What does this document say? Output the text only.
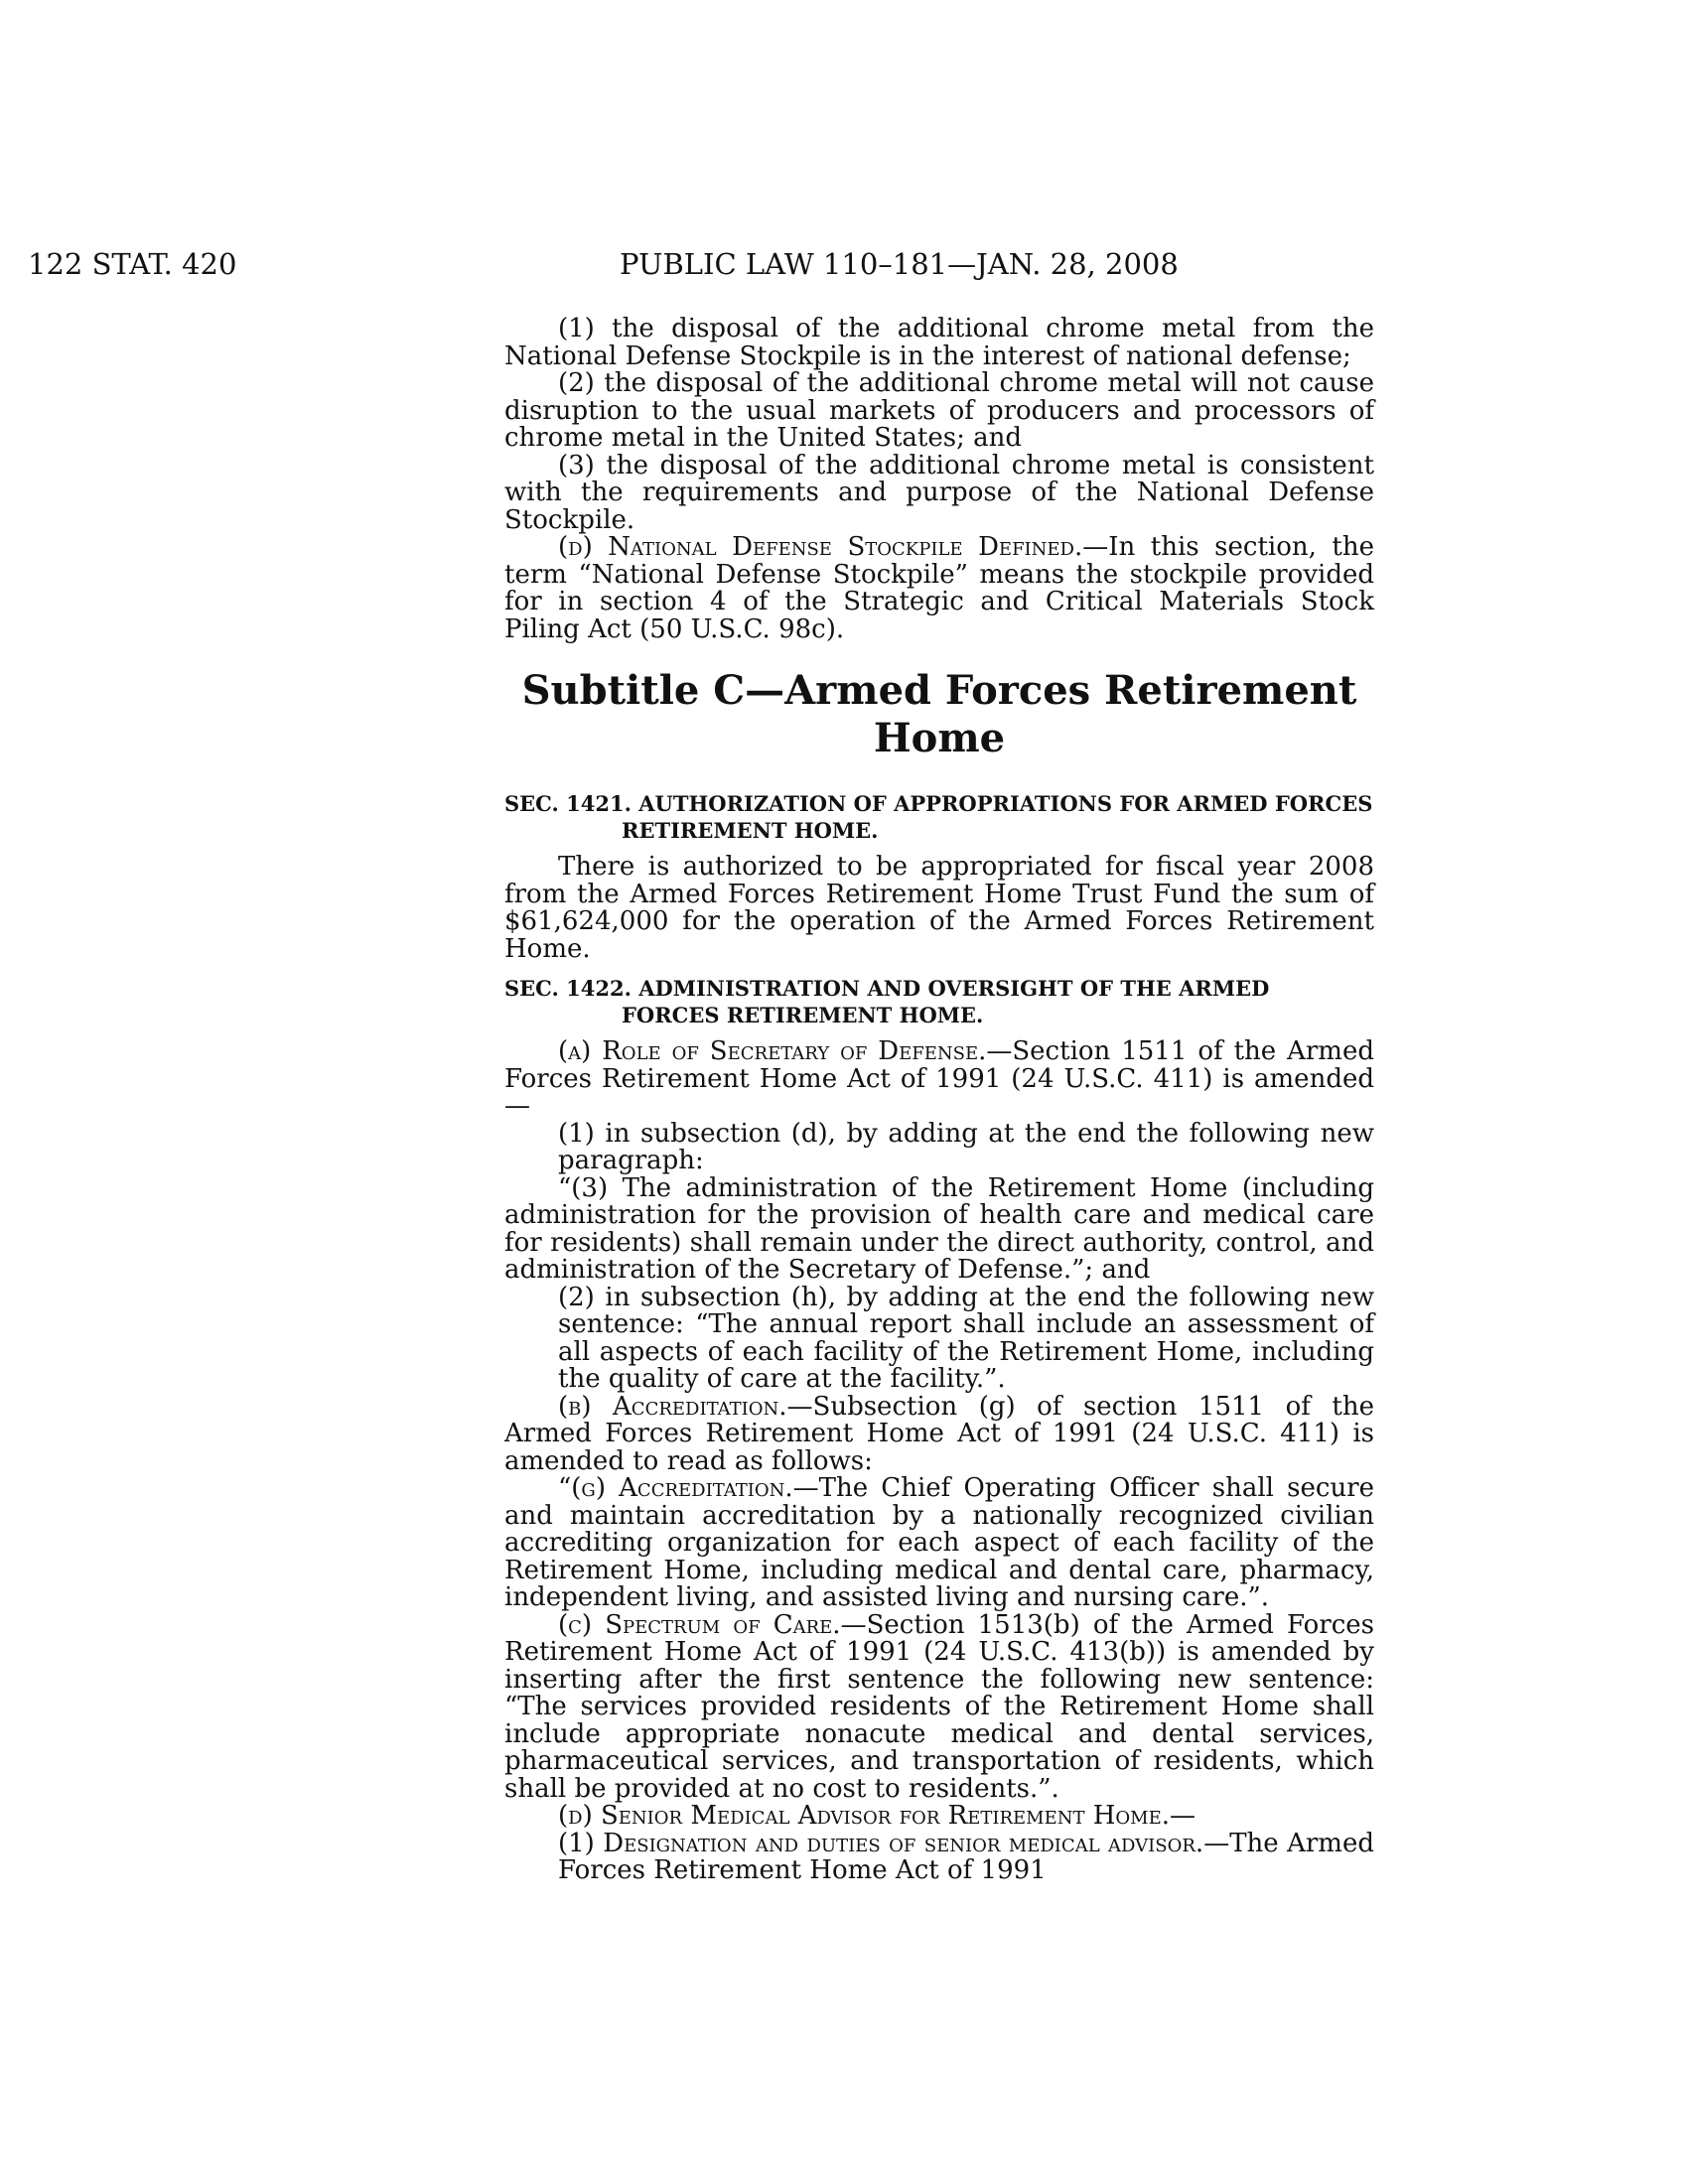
122 STAT. 420	PUBLIC LAW 110–181—JAN. 28, 2008

(1) the disposal of the additional chrome metal from the National Defense Stockpile is in the interest of national defense;

(2) the disposal of the additional chrome metal will not cause disruption to the usual markets of producers and processors of chrome metal in the United States; and

(3) the disposal of the additional chrome metal is consistent with the requirements and purpose of the National Defense Stockpile.

(d) National Defense Stockpile Defined.—In this section, the term “National Defense Stockpile” means the stockpile provided for in section 4 of the Strategic and Critical Materials Stock Piling Act (50 U.S.C. 98c).

Subtitle C—Armed Forces Retirement Home

SEC. 1421. AUTHORIZATION OF APPROPRIATIONS FOR ARMED FORCES RETIREMENT HOME.

There is authorized to be appropriated for fiscal year 2008 from the Armed Forces Retirement Home Trust Fund the sum of $61,624,000 for the operation of the Armed Forces Retirement Home.

SEC. 1422. ADMINISTRATION AND OVERSIGHT OF THE ARMED FORCES RETIREMENT HOME.

(a) Role of Secretary of Defense.—Section 1511 of the Armed Forces Retirement Home Act of 1991 (24 U.S.C. 411) is amended—

(1) in subsection (d), by adding at the end the following new paragraph:

“(3) The administration of the Retirement Home (including administration for the provision of health care and medical care for residents) shall remain under the direct authority, control, and administration of the Secretary of Defense.”; and

(2) in subsection (h), by adding at the end the following new sentence: “The annual report shall include an assessment of all aspects of each facility of the Retirement Home, including the quality of care at the facility.”.

(b) Accreditation.—Subsection (g) of section 1511 of the Armed Forces Retirement Home Act of 1991 (24 U.S.C. 411) is amended to read as follows:

“(g) Accreditation.—The Chief Operating Officer shall secure and maintain accreditation by a nationally recognized civilian accrediting organization for each aspect of each facility of the Retirement Home, including medical and dental care, pharmacy, independent living, and assisted living and nursing care.”.

(c) Spectrum of Care.—Section 1513(b) of the Armed Forces Retirement Home Act of 1991 (24 U.S.C. 413(b)) is amended by inserting after the first sentence the following new sentence: “The services provided residents of the Retirement Home shall include appropriate nonacute medical and dental services, pharmaceutical services, and transportation of residents, which shall be provided at no cost to residents.”.

(d) Senior Medical Advisor for Retirement Home.—

(1) Designation and duties of senior medical advisor.—The Armed Forces Retirement Home Act of 1991
